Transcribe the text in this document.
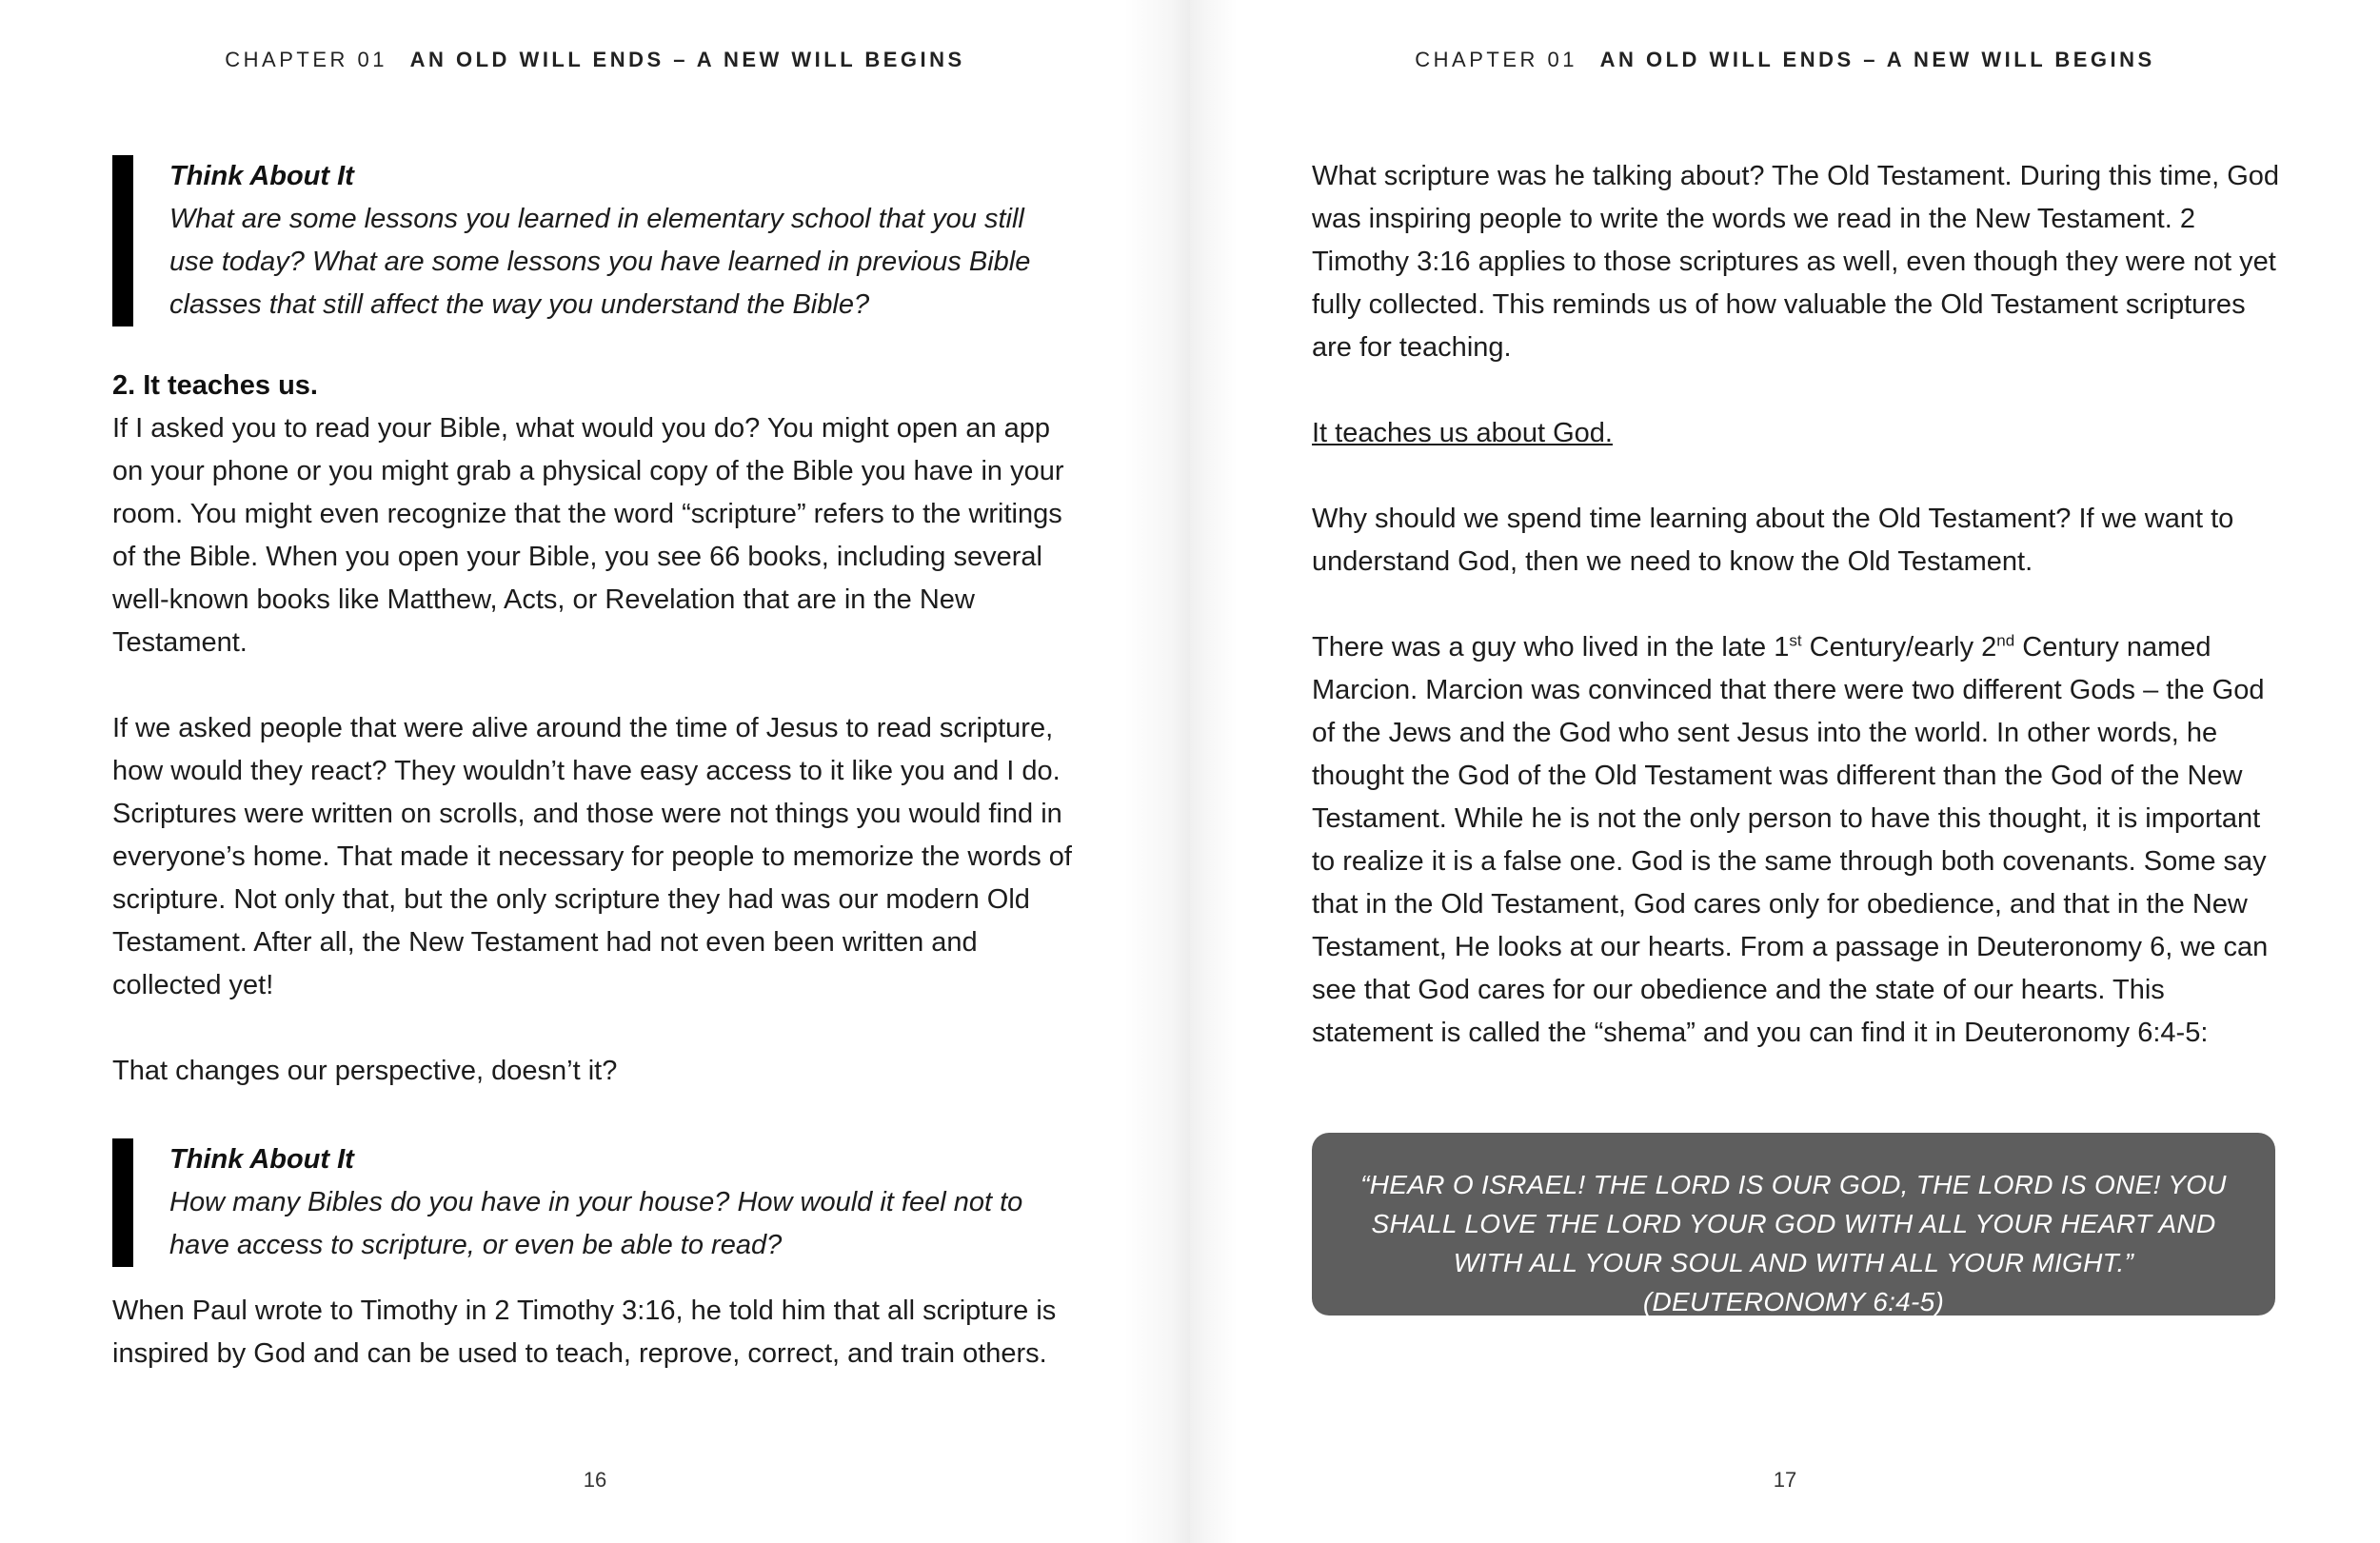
CHAPTER 01 AN OLD WILL ENDS – A NEW WILL BEGINS
Think About It
What are some lessons you learned in elementary school that you still use today? What are some lessons you have learned in previous Bible classes that still affect the way you understand the Bible?
2. It teaches us.

If I asked you to read your Bible, what would you do? You might open an app on your phone or you might grab a physical copy of the Bible you have in your room. You might even recognize that the word “scripture” refers to the writings of the Bible. When you open your Bible, you see 66 books, including several well-known books like Matthew, Acts, or Revelation that are in the New Testament.

If we asked people that were alive around the time of Jesus to read scripture, how would they react? They wouldn’t have easy access to it like you and I do. Scriptures were written on scrolls, and those were not things you would find in everyone’s home. That made it necessary for people to memorize the words of scripture. Not only that, but the only scripture they had was our modern Old Testament. After all, the New Testament had not even been written and collected yet!

That changes our perspective, doesn’t it?

Think About It
How many Bibles do you have in your house? How would it feel not to have access to scripture, or even be able to read?

When Paul wrote to Timothy in 2 Timothy 3:16, he told him that all scripture is inspired by God and can be used to teach, reprove, correct, and train others.

16
CHAPTER 01 AN OLD WILL ENDS – A NEW WILL BEGINS

What scripture was he talking about? The Old Testament. During this time, God was inspiring people to write the words we read in the New Testament. 2 Timothy 3:16 applies to those scriptures as well, even though they were not yet fully collected. This reminds us of how valuable the Old Testament scriptures are for teaching.

It teaches us about God.

Why should we spend time learning about the Old Testament? If we want to understand God, then we need to know the Old Testament.

There was a guy who lived in the late 1st Century/early 2nd Century named Marcion. Marcion was convinced that there were two different Gods – the God of the Jews and the God who sent Jesus into the world. In other words, he thought the God of the Old Testament was different than the God of the New Testament. While he is not the only person to have this thought, it is important to realize it is a false one. God is the same through both covenants. Some say that in the Old Testament, God cares only for obedience, and that in the New Testament, He looks at our hearts. From a passage in Deuteronomy 6, we can see that God cares for our obedience and the state of our hearts. This statement is called the “shema” and you can find it in Deuteronomy 6:4-5:

“HEAR O ISRAEL! THE LORD IS OUR GOD, THE LORD IS ONE! YOU SHALL LOVE THE LORD YOUR GOD WITH ALL YOUR HEART AND WITH ALL YOUR SOUL AND WITH ALL YOUR MIGHT.” (DEUTERONOMY 6:4-5)
17
